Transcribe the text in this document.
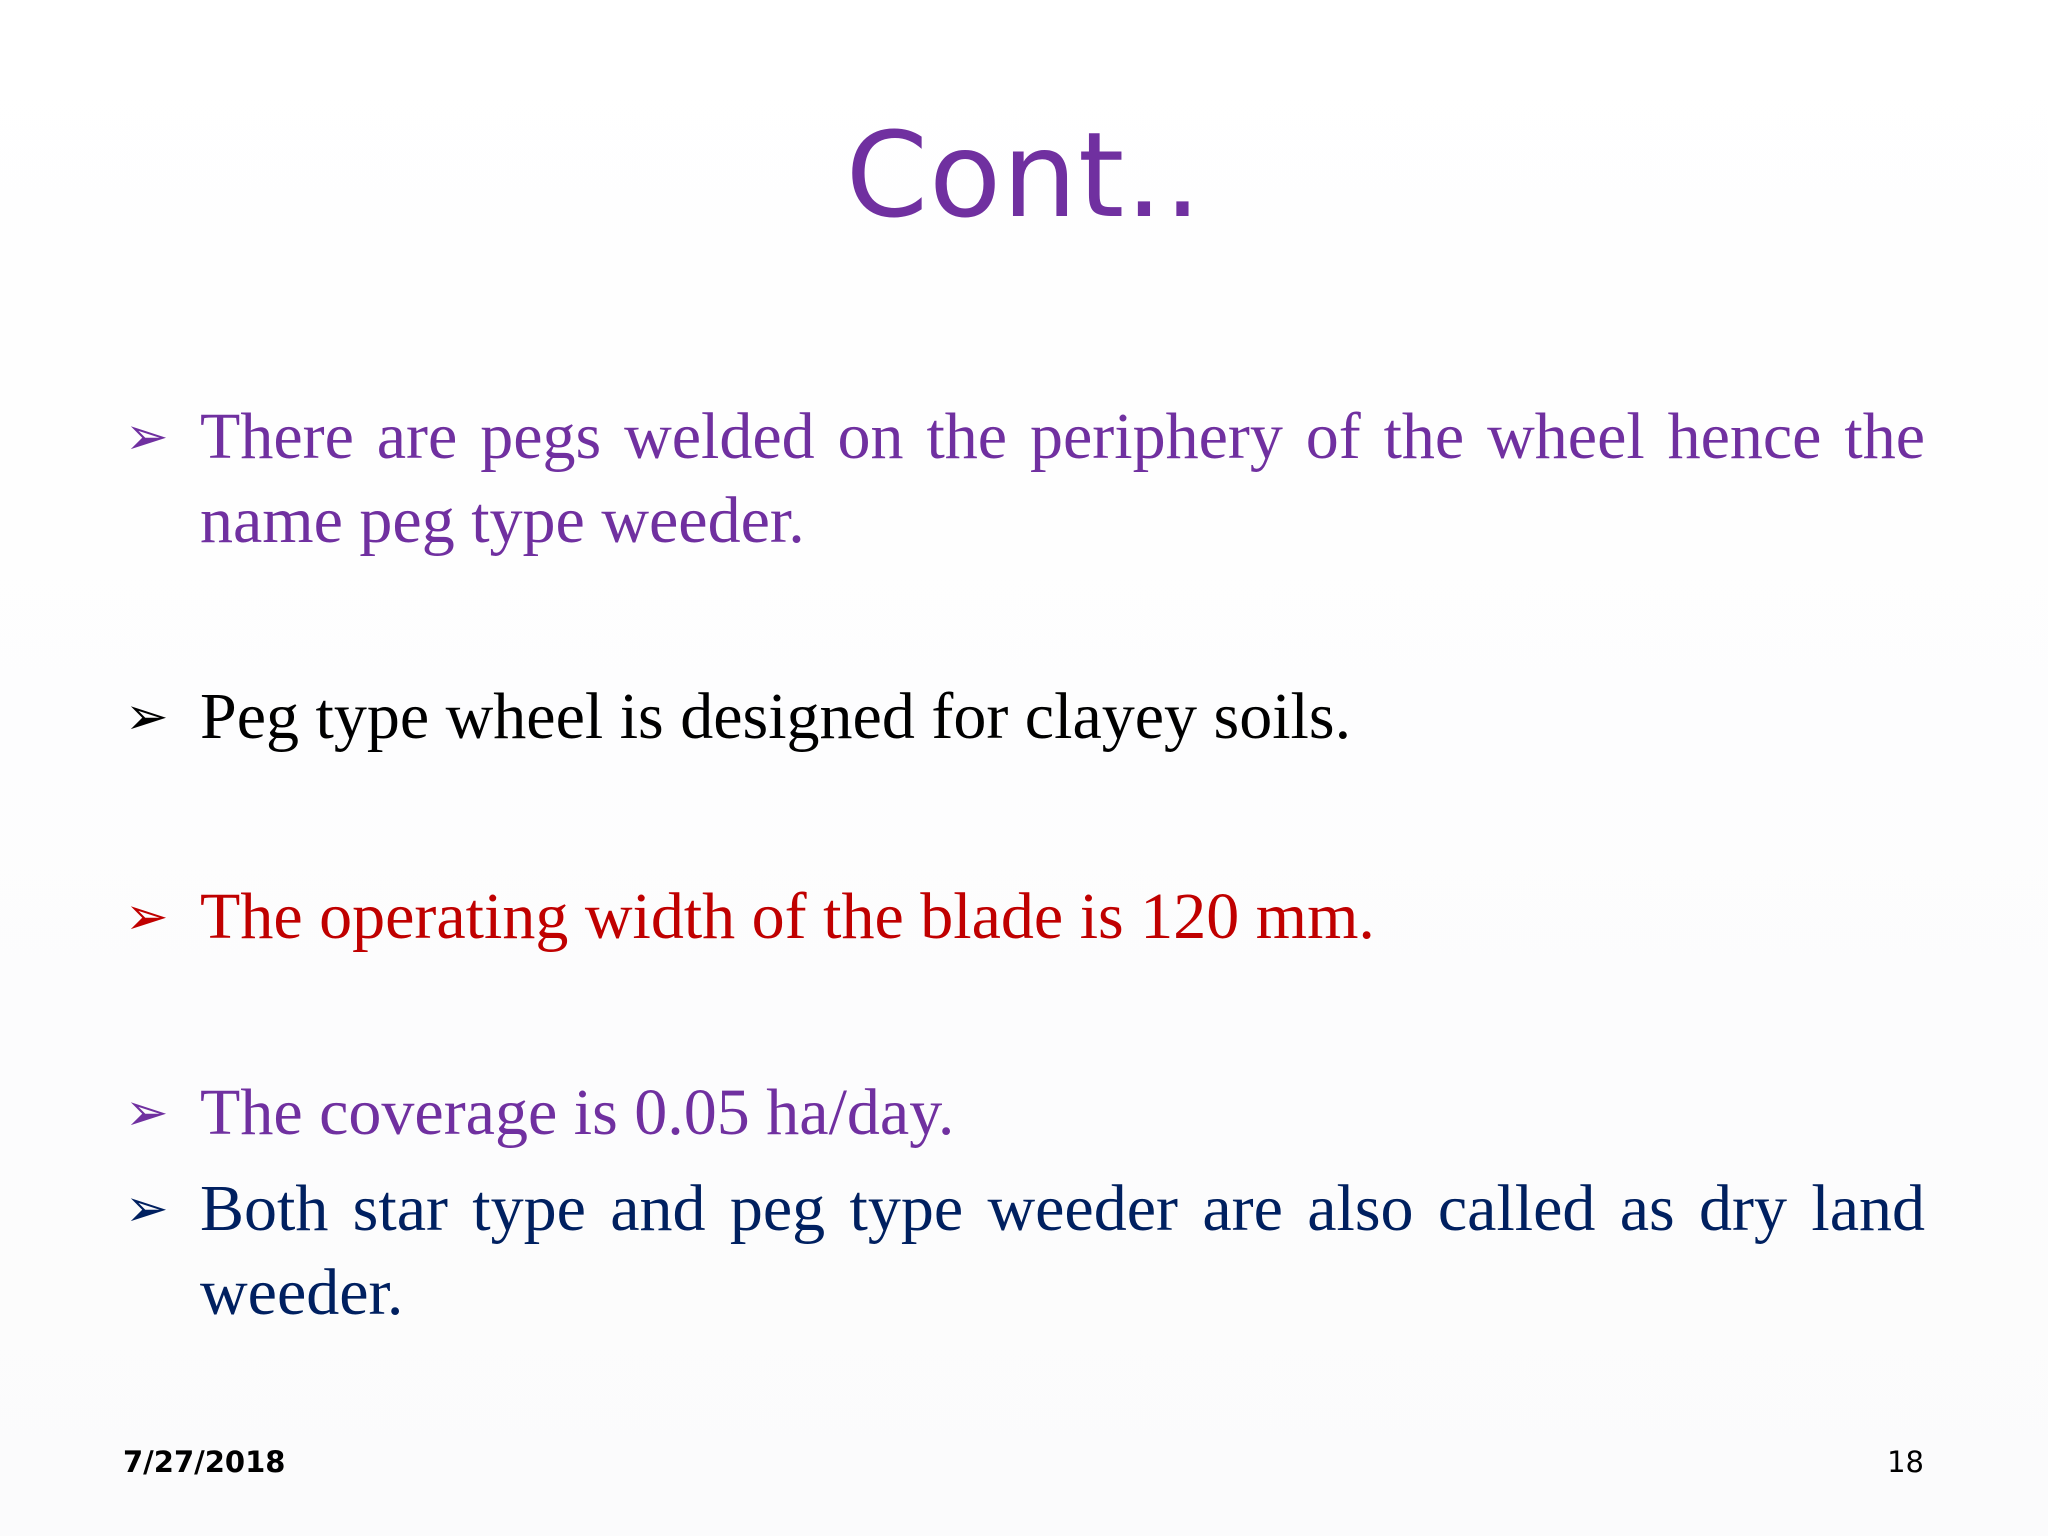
Cont..
➢ There are pegs welded on the periphery of the wheel hence the name peg type weeder.
➢ Peg type wheel is designed for clayey soils.
➢ The operating width of the blade is 120 mm.
➢ The coverage is 0.05 ha/day.
➢ Both star type and peg type weeder are also called as dry land weeder.
7/27/2018	18
